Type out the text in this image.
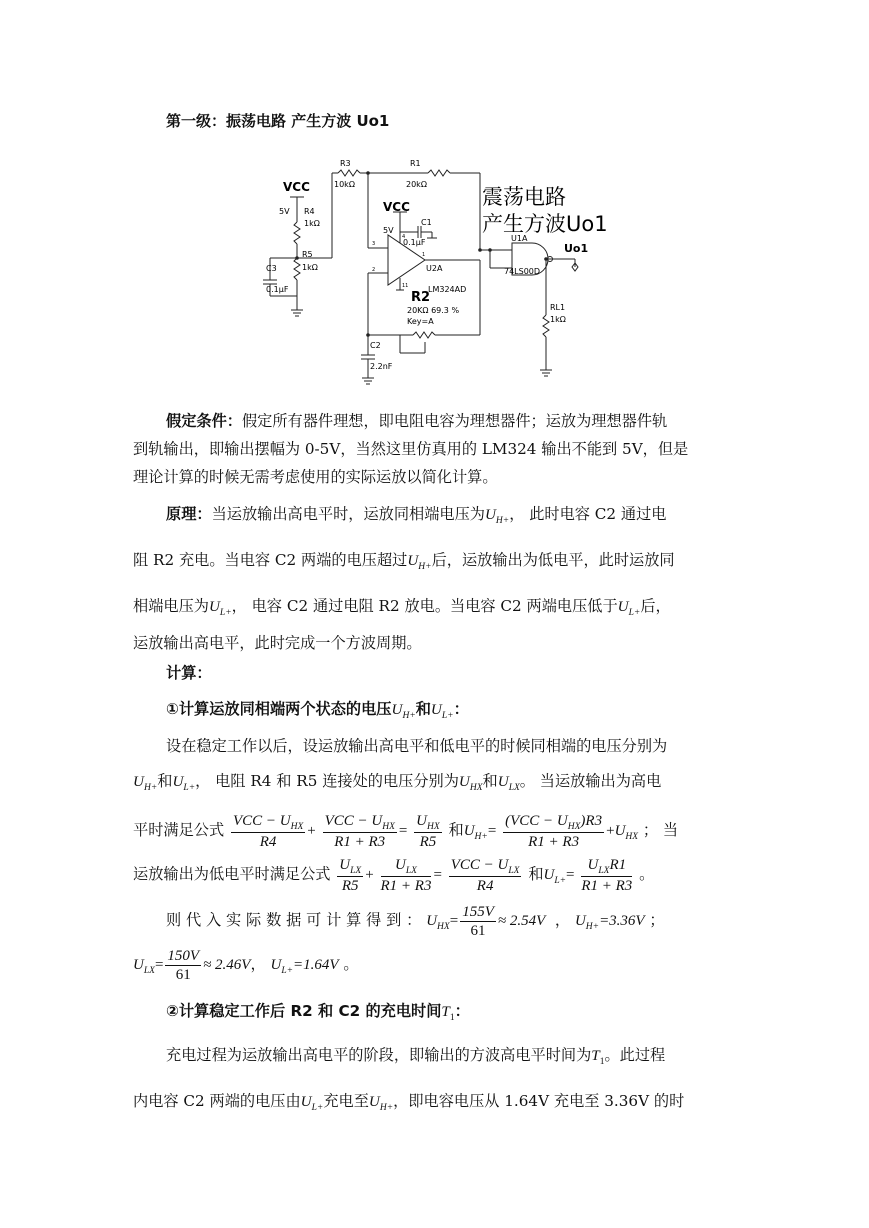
第一级：振荡电路 产生方波 Uo1
R3
10kΩ
R1
20kΩ
VCC
5V R4
1kΩ
R5
1kΩ
C3
0.1µF
VCC
5V
C1
0.1µF
3
2
4
11
1
U2A
R2
LM324AD
20KΩ 69.3 %
Key=A
C2
2.2nF
震荡电路
产生方波Uo1
U1A
74LS00D
Uo1
RL1
1kΩ
假定条件：假定所有器件理想，即电阻电容为理想器件；运放为理想器件轨
到轨输出，即输出摆幅为 0-5V，当然这里仿真用的 LM324 输出不能到 5V，但是
理论计算的时候无需考虑使用的实际运放以简化计算。
原理：当运放输出高电平时，运放同相端电压为$U_{H+}$， 此时电容 C2 通过电
阻 R2 充电。当电容 C2 两端的电压超过$U_{H+}$后，运放输出为低电平，此时运放同
相端电压为$U_{L+}$， 电容 C2 通过电阻 R2 放电。当电容 C2 两端电压低于$U_{L+}$后，
运放输出高电平，此时完成一个方波周期。
计算：
①计算运放同相端两个状态的电压$U_{H+}$和$U_{L+}$：
设在稳定工作以后，设运放输出高电平和低电平的时候同相端的电压分别为
$U_{H+}$和$U_{L+}$， 电阻 R4 和 R5 连接处的电压分别为$U_{HX}$和$U_{LX}$。 当运放输出为高电
平时满足公式 $\frac{VCC - U_{HX}}{R4} + \frac{VCC - U_{HX}}{R1 + R3} = \frac{U_{HX}}{R5}$ 和$U_{H+}= \frac{(VCC - U_{HX})R3}{R1 + R3} +U_{HX}$ ； 当
运放输出为低电平时满足公式 $\frac{U_{LX}}{R5} + \frac{U_{LX}}{R1 + R3} = \frac{VCC - U_{LX}}{R4}$ 和$U_{L+}= \frac{U_{LX}R1}{R1 + R3}$ 。
则 代 入 实 际 数 据 可 计 算 得 到 ： $U_{HX}= \frac{155V}{61} \approx 2.54V$  ， $U_{H+}=3.36V$ ；
$U_{LX}= \frac{150V}{61} \approx 2.46V$， $U_{L+}=1.64V$ 。
②计算稳定工作后 R2 和 C2 的充电时间$T_1$：
充电过程为运放输出高电平的阶段，即输出的方波高电平时间为$T_1$。此过程
内电容 C2 两端的电压由$U_{L+}$充电至$U_{H+}$，即电容电压从 1.64V 充电至 3.36V 的时
